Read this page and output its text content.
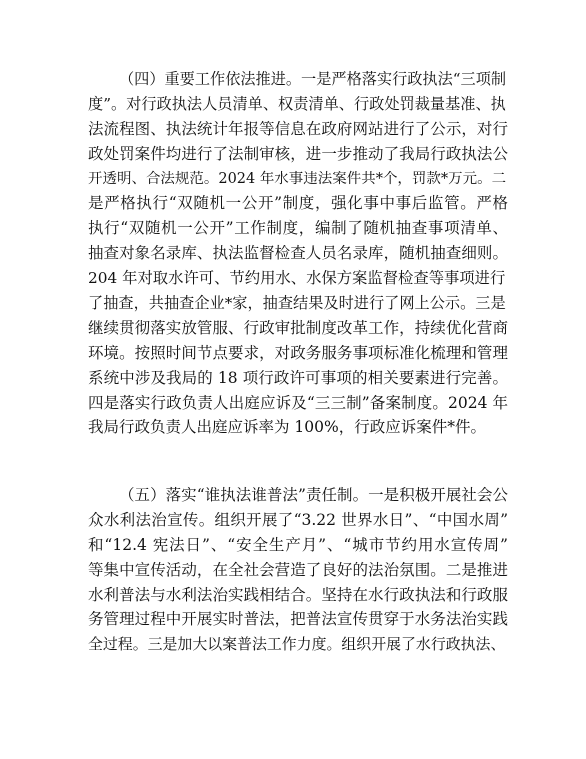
（四）重要工作依法推进。一是严格落实行政执法“三项制
度”。对行政执法人员清单、权责清单、行政处罚裁量基准、执
法流程图、执法统计年报等信息在政府网站进行了公示，对行
政处罚案件均进行了法制审核，进一步推动了我局行政执法公
开透明、合法规范。2024 年水事违法案件共*个，罚款*万元。二
是严格执行“双随机一公开”制度，强化事中事后监管。严格
执行“双随机一公开”工作制度，编制了随机抽查事项清单、
抽查对象名录库、执法监督检查人员名录库，随机抽查细则。
204 年对取水许可、节约用水、水保方案监督检查等事项进行
了抽查，共抽查企业*家，抽查结果及时进行了网上公示。三是
继续贯彻落实放管服、行政审批制度改革工作，持续优化营商
环境。按照时间节点要求，对政务服务事项标准化梳理和管理
系统中涉及我局的 18 项行政许可事项的相关要素进行完善。
四是落实行政负责人出庭应诉及“三三制”备案制度。2024 年
我局行政负责人出庭应诉率为 100%，行政应诉案件*件。
（五）落实“谁执法谁普法”责任制。一是积极开展社会公
众水利法治宣传。组织开展了“3.22 世界水日”、“中国水周”
和“12.4 宪法日”、“安全生产月”、“城市节约用水宣传周”
等集中宣传活动，在全社会营造了良好的法治氛围。二是推进
水利普法与水利法治实践相结合。坚持在水行政执法和行政服
务管理过程中开展实时普法，把普法宣传贯穿于水务法治实践
全过程。三是加大以案普法工作力度。组织开展了水行政执法、
